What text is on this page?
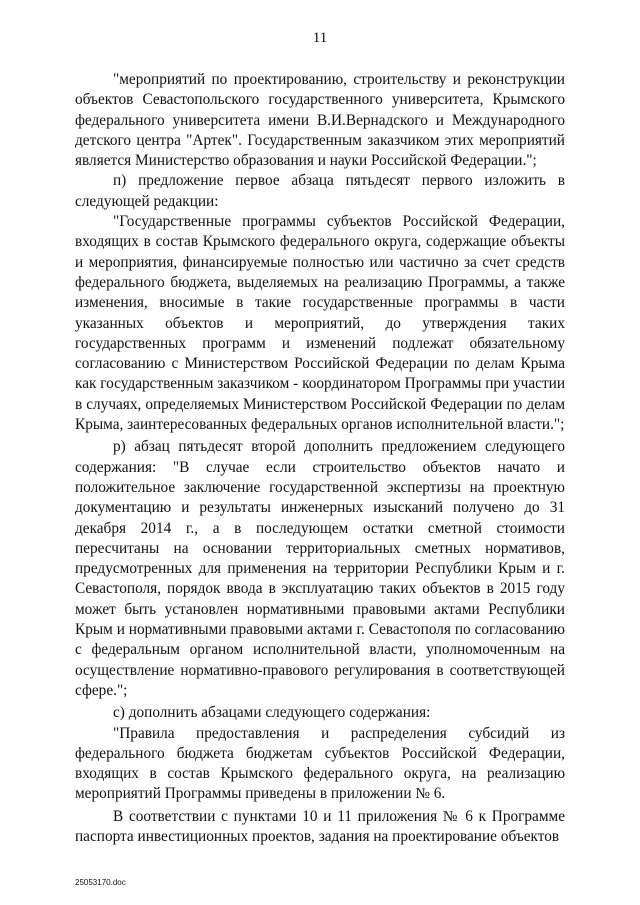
11

"мероприятий по проектированию, строительству и реконструкции объектов Севастопольского государственного университета, Крымского федерального университета имени В.И.Вернадского и Международного детского центра "Артек". Государственным заказчиком этих мероприятий является Министерство образования и науки Российской Федерации.";

п) предложение первое абзаца пятьдесят первого изложить в следующей редакции:

"Государственные программы субъектов Российской Федерации, входящих в состав Крымского федерального округа, содержащие объекты и мероприятия, финансируемые полностью или частично за счет средств федерального бюджета, выделяемых на реализацию Программы, а также изменения, вносимые в такие государственные программы в части указанных объектов и мероприятий, до утверждения таких государственных программ и изменений подлежат обязательному согласованию с Министерством Российской Федерации по делам Крыма как государственным заказчиком - координатором Программы при участии в случаях, определяемых Министерством Российской Федерации по делам Крыма, заинтересованных федеральных органов исполнительной власти.";

р) абзац пятьдесят второй дополнить предложением следующего содержания: "В случае если строительство объектов начато и положительное заключение государственной экспертизы на проектную документацию и результаты инженерных изысканий получено до 31 декабря 2014 г., а в последующем остатки сметной стоимости пересчитаны на основании территориальных сметных нормативов, предусмотренных для применения на территории Республики Крым и г. Севастополя, порядок ввода в эксплуатацию таких объектов в 2015 году может быть установлен нормативными правовыми актами Республики Крым и нормативными правовыми актами г. Севастополя по согласованию с федеральным органом исполнительной власти, уполномоченным на осуществление нормативно-правового регулирования в соответствующей сфере.";

с) дополнить абзацами следующего содержания:

"Правила предоставления и распределения субсидий из федерального бюджета бюджетам субъектов Российской Федерации, входящих в состав Крымского федерального округа, на реализацию мероприятий Программы приведены в приложении № 6.

В соответствии с пунктами 10 и 11 приложения № 6 к Программе паспорта инвестиционных проектов, задания на проектирование объектов

25053170.doc
